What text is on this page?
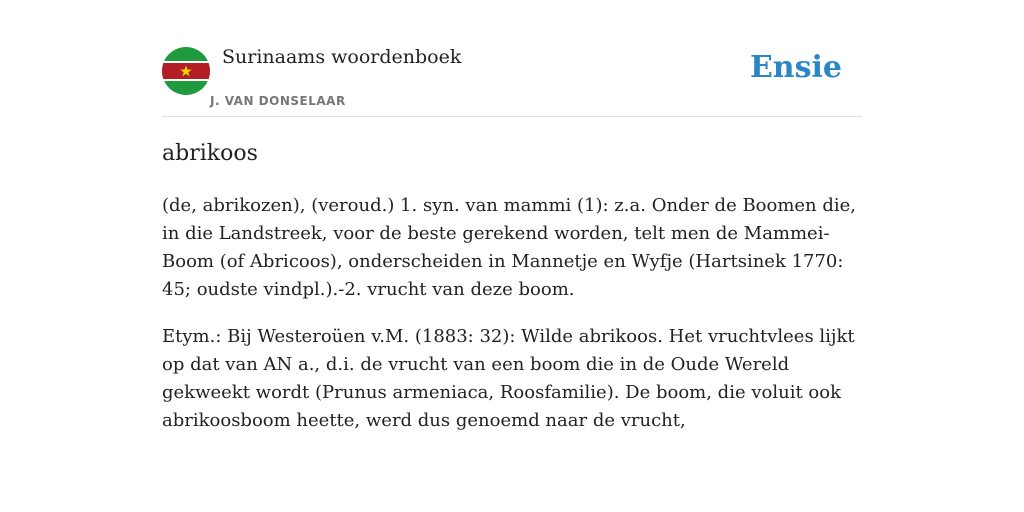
Surinaams woordenboek
J. VAN DONSELAAR
Ensie
abrikoos

(de, abrikozen), (veroud.) 1. syn. van mammi (1): z.a. Onder de Boomen die, in die Landstreek, voor de beste gerekend worden, telt men de Mammei-Boom (of Abricoos), onderscheiden in Mannetje en Wyfje (Hartsinek 1770: 45; oudste vindpl.).-2. vrucht van deze boom.

Etym.: Bij Westeroüen v.M. (1883: 32): Wilde abrikoos. Het vruchtvlees lijkt op dat van AN a., d.i. de vrucht van een boom die in de Oude Wereld gekweekt wordt (Prunus armeniaca, Roosfamilie). De boom, die voluit ook abrikoosboom heette, werd dus genoemd naar de vrucht,
